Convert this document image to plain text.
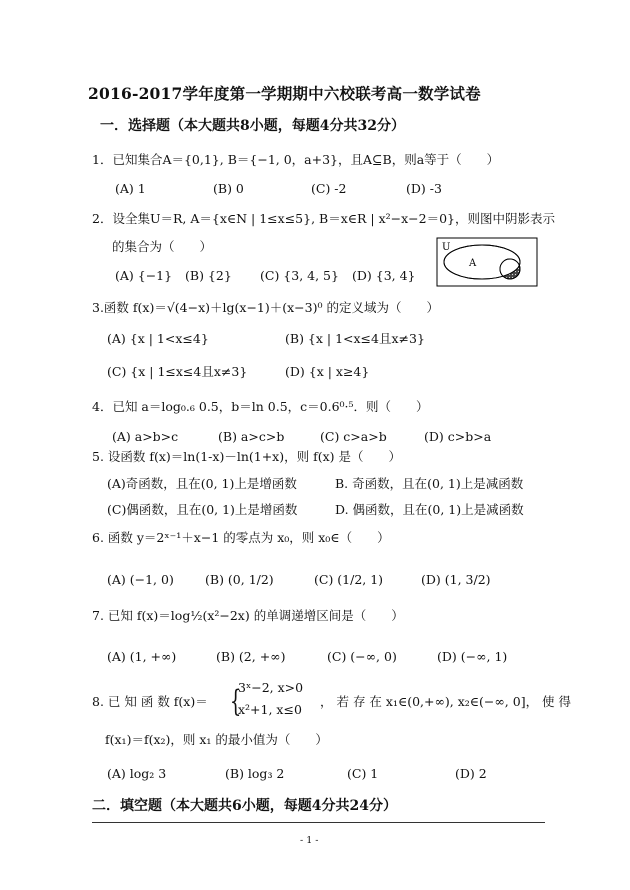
2016-2017学年度第一学期期中六校联考高一数学试卷
一．选择题（本大题共8小题，每题4分共32分）
1．已知集合A＝{0,1}, B＝{−1, 0，a+3}，且A⊆B，则a等于（　　）
(A) 1	(B) 0	(C) -2	(D) -3
2．设全集U＝R, A＝{x∈N | 1≤x≤5}, B＝x∈R | x²−x−2＝0}，则图中阴影表示
的集合为（　　）
(A) {−1} (B) {2} (C) {3, 4, 5} (D) {3, 4}
U
A
B
3.函数 f(x)＝√(4−x)＋lg(x−1)＋(x−3)⁰ 的定义域为（　　）
(A) {x | 1<x≤4}	(B) {x | 1<x≤4且x≠3}
(C) {x | 1≤x≤4且x≠3}	(D) {x | x≥4}
4．已知 a＝log₀.₆ 0.5，b＝ln 0.5，c＝0.6⁰·⁵．则（　　）
(A) a>b>c	(B) a>c>b	(C) c>a>b	(D) c>b>a
5. 设函数 f(x)＝ln(1-x)－ln(1+x)，则 f(x) 是（　　）
(A)奇函数，且在(0, 1)上是增函数	B. 奇函数，且在(0, 1)上是减函数
(C)偶函数，且在(0, 1)上是增函数	D. 偶函数，且在(0, 1)上是减函数
6. 函数 y＝2ˣ⁻¹＋x−1 的零点为 x₀，则 x₀∈（　　）
(A) (−1, 0) (B) (0, 1/2)	(C) (1/2, 1)	(D) (1, 3/2)
7. 已知 f(x)＝log½(x²−2x) 的单调递增区间是（　　）
(A) (1, +∞)	(B) (2, +∞)	(C) (−∞, 0)	(D) (−∞, 1)
8. 已 知 函 数 f(x)＝ {
3ˣ−2, x>0
x²+1, x≤0
， 若 存 在 x₁∈(0,+∞), x₂∈(−∞, 0]， 使 得
f(x₁)＝f(x₂)，则 x₁ 的最小值为（　　）
(A) log₂ 3	(B) log₃ 2	(C) 1	(D) 2
二．填空题（本大题共6小题，每题4分共24分）
- 1 -
